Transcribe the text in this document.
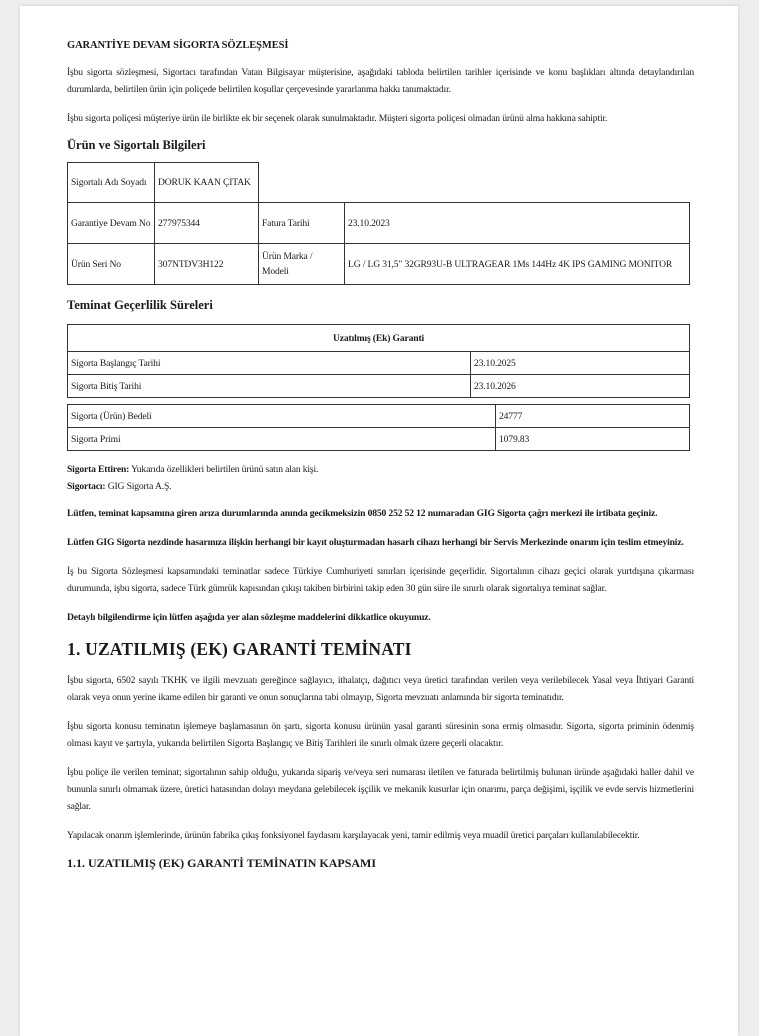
GARANTİYE DEVAM SİGORTA SÖZLEŞMESİ

İşbu sigorta sözleşmesi, Sigortacı tarafından Vatan Bilgisayar müşterisine, aşağıdaki tabloda belirtilen tarihler içerisinde ve konu başlıkları altında detaylandırılan durumlarda, belirtilen ürün için poliçede belirtilen koşullar çerçevesinde yararlanma hakkı tanımaktadır.

İşbu sigorta poliçesi müşteriye ürün ile birlikte ek bir seçenek olarak sunulmaktadır. Müşteri sigorta poliçesi olmadan ürünü alma hakkına sahiptir.

Ürün ve Sigortalı Bilgileri
Sigortalı Adı Soyadı	DORUK KAAN ÇITAK		
Garantiye Devam No	277975344	Fatura Tarihi	23.10.2023
Ürün Seri No	307NTDV3H122	Ürün Marka / Modeli	LG / LG 31,5" 32GR93U-B ULTRAGEAR 1Ms 144Hz 4K IPS GAMING MONITOR
Teminat Geçerlilik Süreleri
Uzatılmış (Ek) Garanti	
Sigorta Başlangıç Tarihi	23.10.2025
Sigorta Bitiş Tarihi	23.10.2026
Sigorta (Ürün) Bedeli	24777
Sigorta Primi	1079.83

Sigorta Ettiren: Yukarıda özellikleri belirtilen ürünü satın alan kişi.

Sigortacı: GIG Sigorta A.Ş.

Lütfen, teminat kapsamına giren arıza durumlarında anında gecikmeksizin 0850 252 52 12 numaradan GIG Sigorta çağrı merkezi ile irtibata geçiniz.

Lütfen GIG Sigorta nezdinde hasarınıza ilişkin herhangi bir kayıt oluşturmadan hasarlı cihazı herhangi bir Servis Merkezinde onarım için teslim etmeyiniz.

İş bu Sigorta Sözleşmesi kapsamındaki teminatlar sadece Türkiye Cumhuriyeti sınırları içerisinde geçerlidir. Sigortalının cihazı geçici olarak yurtdışına çıkarması durumunda, işbu sigorta, sadece Türk gümrük kapısından çıkışı takiben birbirini takip eden 30 gün süre ile sınırlı olarak sigortalıya teminat sağlar.

Detaylı bilgilendirme için lütfen aşağıda yer alan sözleşme maddelerini dikkatlice okuyunuz.

1. UZATILMIŞ (EK) GARANTİ TEMİNATI

İşbu sigorta, 6502 sayılı TKHK ve ilgili mevzuatı gereğince sağlayıcı, ithalatçı, dağıtıcı veya üretici tarafından verilen veya verilebilecek Yasal veya İhtiyari Garanti olarak veya onun yerine ikame edilen bir garanti ve onun sonuçlarına tabi olmayıp, Sigorta mevzuatı anlamında bir sigorta teminatıdır.

İşbu sigorta konusu teminatın işlemeye başlamasının ön şartı, sigorta konusu ürünün yasal garanti süresinin sona ermiş olmasıdır. Sigorta, sigorta priminin ödenmiş olması kayıt ve şartıyla, yukarıda belirtilen Sigorta Başlangıç ve Bitiş Tarihleri ile sınırlı olmak üzere geçerli olacaktır.

İşbu poliçe ile verilen teminat; sigortalının sahip olduğu, yukarıda sipariş ve/veya seri numarası iletilen ve faturada belirtilmiş bulunan üründe aşağıdaki haller dahil ve bununla sınırlı olmamak üzere, üretici hatasından dolayı meydana gelebilecek işçilik ve mekanik kusurlar için onarımı, parça değişimi, işçilik ve evde servis hizmetlerini sağlar.

Yapılacak onarım işlemlerinde, ürünün fabrika çıkış fonksiyonel faydasını karşılayacak yeni, tamir edilmiş veya muadil üretici parçaları kullanılabilecektir.

1.1. UZATILMIŞ (EK) GARANTİ TEMİNATIN KAPSAMI
